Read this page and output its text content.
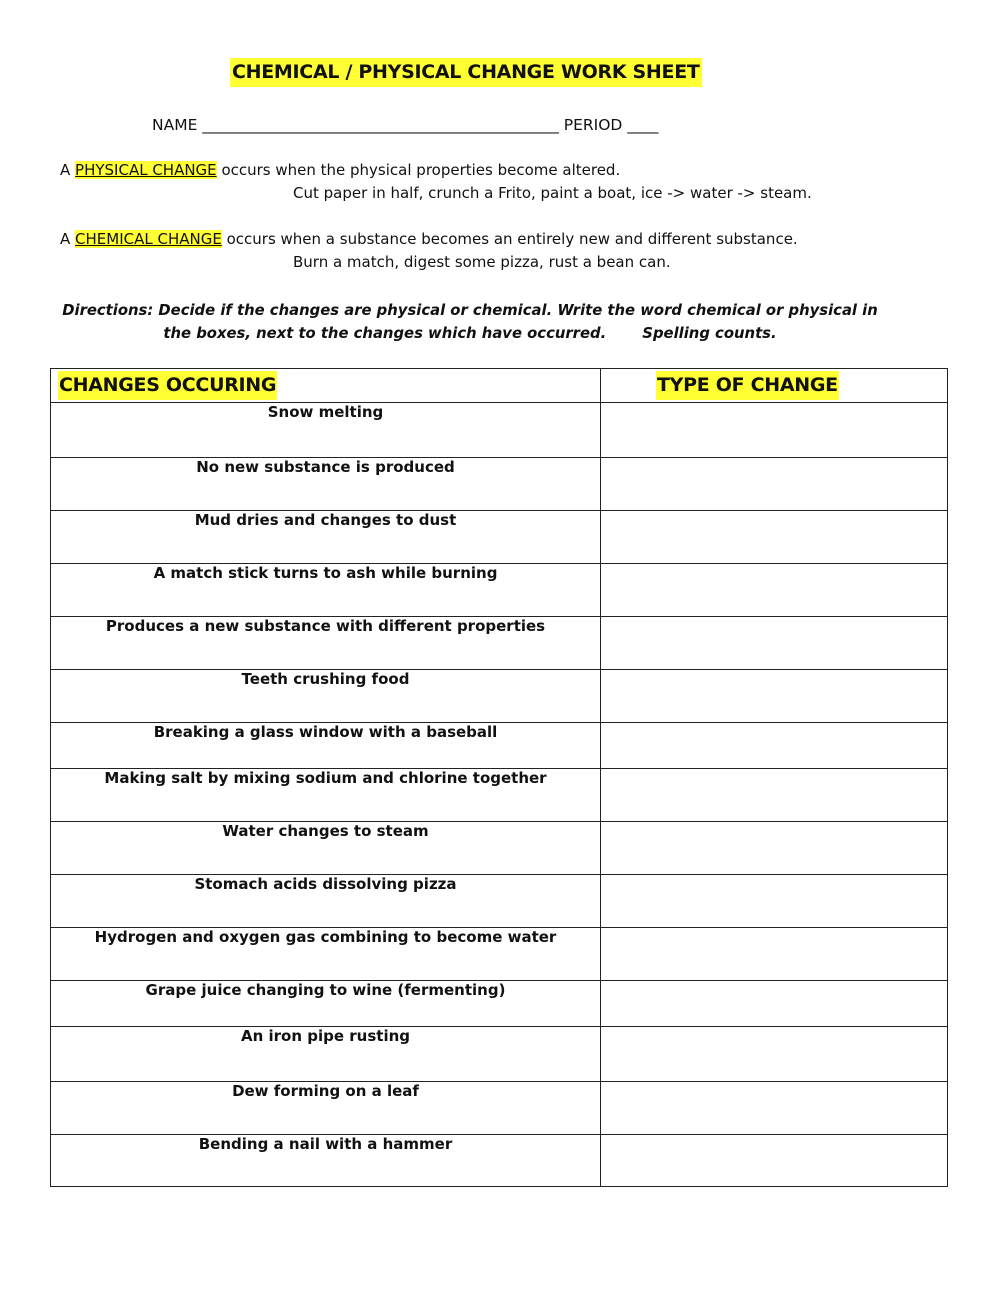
CHEMICAL / PHYSICAL CHANGE WORK SHEET
NAME ______________________________________________ PERIOD ____
A PHYSICAL CHANGE occurs when the physical properties become altered.
Cut paper in half, crunch a Frito, paint a boat, ice -> water -> steam.
A CHEMICAL CHANGE occurs when a substance becomes an entirely new and different substance.
Burn a match, digest some pizza, rust a bean can.
Directions: Decide if the changes are physical or chemical. Write the word chemical or physical in
the boxes, next to the changes which have occurred.       Spelling counts.
CHANGES OCCURING	TYPE OF CHANGE
Snow melting	
No new substance is produced	
Mud dries and changes to dust	
A match stick turns to ash while burning	
Produces a new substance with different properties	
Teeth crushing food	
Breaking a glass window with a baseball	
Making salt by mixing sodium and chlorine together	
Water changes to steam	
Stomach acids dissolving pizza	
Hydrogen and oxygen gas combining to become water	
Grape juice changing to wine (fermenting)	
An iron pipe rusting	
Dew forming on a leaf	
Bending a nail with a hammer	
